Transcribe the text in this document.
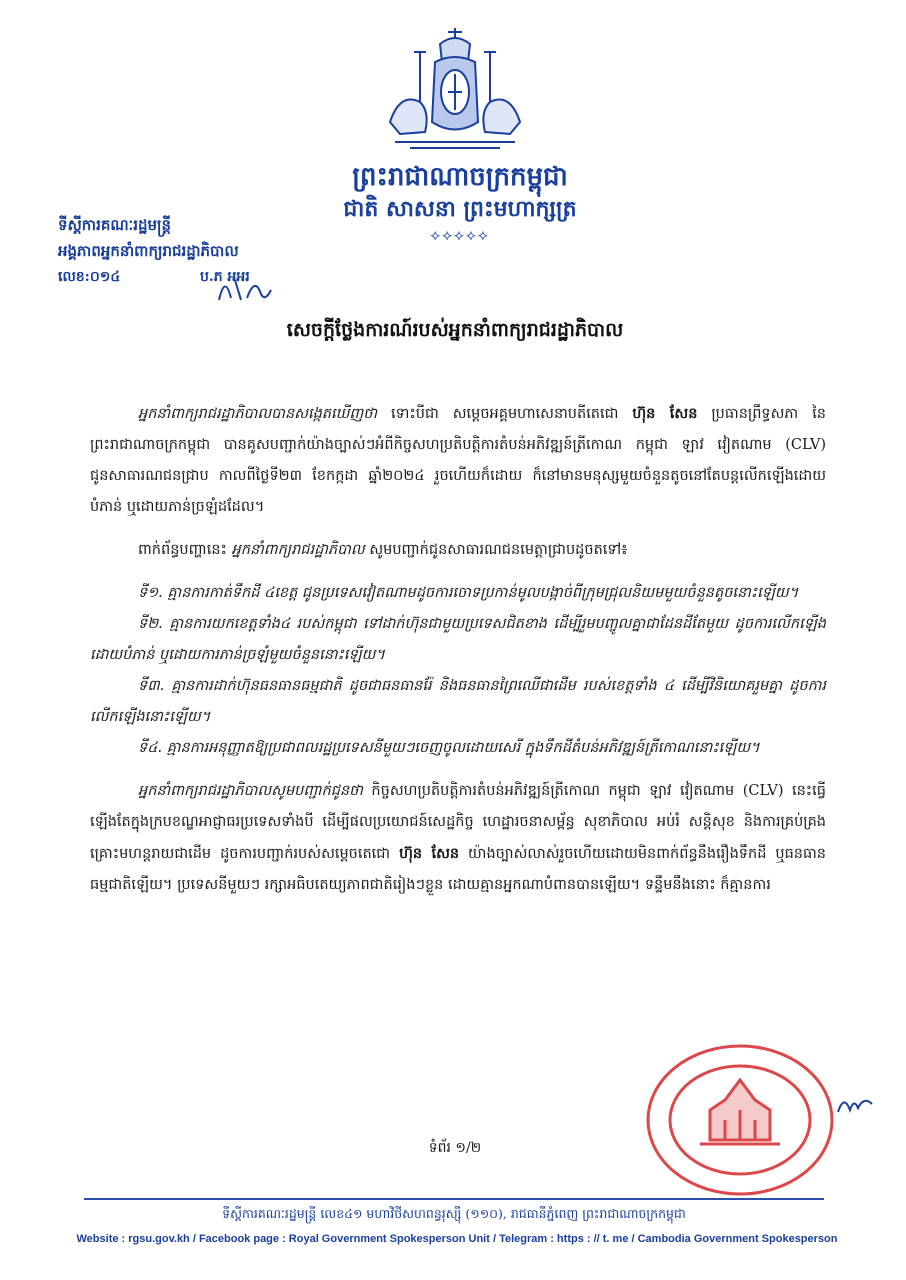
ព្រះរាជាណាចក្រកម្ពុជា
ជាតិ សាសនា ព្រះមហាក្សត្រ
⟡⟡⟡⟡⟡
ទីស្តីការគណៈរដ្ឋមន្ត្រី
អង្គភាពអ្នកនាំពាក្យរាជរដ្ឋាភិបាល
លេខ:០១៤	ប.ភ អអរ
សេចក្តីថ្លែងការណ៍របស់អ្នកនាំពាក្យរាជរដ្ឋាភិបាល

អ្នកនាំពាក្យរាជរដ្ឋាភិបាលបានសង្កេតឃើញថា ទោះបីជា សម្តេចអគ្គមហាសេនាបតីតេជោ ហ៊ុន សែន ប្រធានព្រឹទ្ធសភា នៃព្រះរាជាណាចក្រកម្ពុជា បានគូសបញ្ជាក់យ៉ាងច្បាស់ៗអំពីកិច្ចសហប្រតិបត្តិការតំបន់អភិវឌ្ឍន៍ត្រីកោណ កម្ពុជា ឡាវ វៀតណាម (CLV) ជូនសាធារណជនជ្រាប កាលពីថ្ងៃទី២៣ ខែកក្កដា ឆ្នាំ២០២៤ រួចហើយក៏ដោយ ក៏នៅមានមនុស្សមួយចំនួនតូចនៅតែបន្តលើកឡើងដោយបំភាន់ ឬដោយភាន់ច្រឡំដដែល។

ពាក់ព័ន្ធបញ្ហានេះ អ្នកនាំពាក្យរាជរដ្ឋាភិបាល សូមបញ្ជាក់ជូនសាធារណជនមេត្តាជ្រាបដូចតទៅ៖

ទី១. គ្មានការកាត់ទឹកដី ៤ខេត្ត ជូនប្រទេសវៀតណាមដូចការចោទប្រកាន់មូលបង្កាច់ពីក្រុមជ្រុលនិយមមួយចំនួនតូចនោះឡើយ។

ទី២. គ្មានការយកខេត្តទាំង៤ របស់កម្ពុជា ទៅដាក់ហ៊ុនជាមួយប្រទេសជិតខាង ដើម្បីរួមបញ្ចូលគ្នាជាដែនដីតែមួយ ដូចការលើកឡើងដោយបំភាន់ ឬដោយការភាន់ច្រឡំមួយចំនួននោះឡើយ។

ទី៣. គ្មានការដាក់ហ៊ុនធនធានធម្មជាតិ ដូចជាធនធានរ៉ែ និងធនធានព្រៃឈើជាដើម របស់ខេត្តទាំង ៤ ដើម្បីវិនិយោគរួមគ្នា ដូចការលើកឡើងនោះឡើយ។

ទី៤. គ្មានការអនុញ្ញាតឱ្យប្រជាពលរដ្ឋប្រទេសនីមួយៗចេញចូលដោយសេរី ក្នុងទឹកដីតំបន់អភិវឌ្ឍន៍ត្រីកោណនោះឡើយ។

អ្នកនាំពាក្យរាជរដ្ឋាភិបាលសូមបញ្ជាក់ជូនថា កិច្ចសហប្រតិបត្តិការតំបន់អភិវឌ្ឍន៍ត្រីកោណ កម្ពុជា ឡាវ វៀតណាម (CLV) នេះធ្វើឡើងតែក្នុងក្របខណ្ឌអាជ្ញាធរប្រទេសទាំងបី ដើម្បីផលប្រយោជន៍សេដ្ឋកិច្ច ហេដ្ឋារចនាសម្ព័ន្ធ សុខាភិបាល អប់រំ សន្តិសុខ និងការគ្រប់គ្រងគ្រោះមហន្តរាយជាដើម ដូចការបញ្ជាក់របស់សម្តេចតេជោ ហ៊ុន សែន យ៉ាងច្បាស់លាស់រួចហើយដោយមិនពាក់ព័ន្ធនឹងរឿងទឹកដី ឬធនធានធម្មជាតិឡើយ។ ប្រទេសនីមួយៗ រក្សាអធិបតេយ្យភាពជាតិរៀងៗខ្លួន ដោយគ្មានអ្នកណាបំពានបានឡើយ។ ទន្ទឹមនឹងនោះ ក៏គ្មានការ

ទំព័រ ១/២
ទីស្តីការគណៈរដ្ឋមន្ត្រី លេខ៤១ មហាវិថីសហពន្ធរុស្ស៊ី (១១០), រាជធានីភ្នំពេញ ព្រះរាជាណាចក្រកម្ពុជា
Website : rgsu.gov.kh / Facebook page : Royal Government Spokesperson Unit / Telegram : https : // t. me / Cambodia Government Spokesperson
